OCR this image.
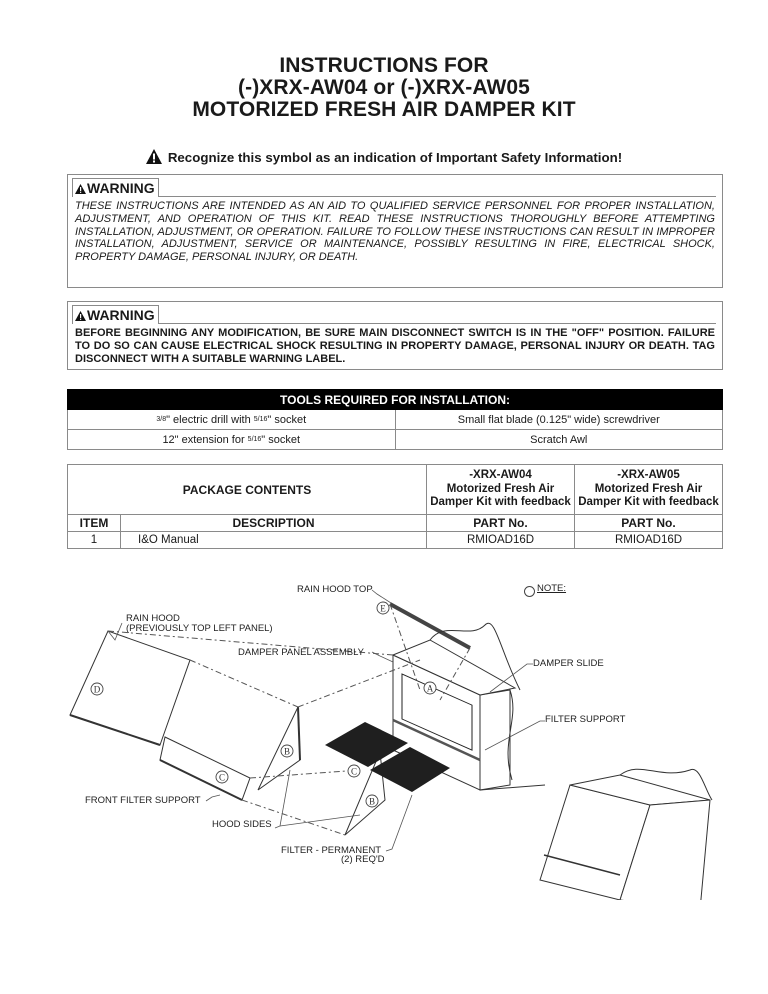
INSTRUCTIONS FOR
(-)XRX-AW04 or (-)XRX-AW05
MOTORIZED FRESH AIR DAMPER KIT
Recognize this symbol as an indication of Important Safety Information!
WARNING
THESE INSTRUCTIONS ARE INTENDED AS AN AID TO QUALIFIED SERVICE PERSONNEL FOR PROPER INSTALLATION, ADJUSTMENT, AND OPERATION OF THIS KIT. READ THESE INSTRUCTIONS THOROUGHLY BEFORE ATTEMPTING INSTALLATION, ADJUSTMENT, OR OPERATION. FAILURE TO FOLLOW THESE INSTRUCTIONS CAN RESULT IN IMPROPER INSTALLATION, ADJUSTMENT, SERVICE OR MAINTENANCE, POSSIBLY RESULTING IN FIRE, ELECTRICAL SHOCK, PROPERTY DAMAGE, PERSONAL INJURY, OR DEATH.
WARNING
BEFORE BEGINNING ANY MODIFICATION, BE SURE MAIN DISCONNECT SWITCH IS IN THE "OFF" POSITION. FAILURE TO DO SO CAN CAUSE ELECTRICAL SHOCK RESULTING IN PROPERTY DAMAGE, PERSONAL INJURY OR DEATH. TAG DISCONNECT WITH A SUITABLE WARNING LABEL.
TOOLS REQUIRED FOR INSTALLATION:	
3/8" electric drill with 5/16" socket	Small flat blade (0.125" wide) screwdriver
12" extension for 5/16" socket	Scratch Awl
PACKAGE CONTENTS	
-XRX-AW04
Motorized Fresh Air
Damper Kit with feedback

-XRX-AW05
Motorized Fresh Air
Damper Kit with feedback

ITEM	DESCRIPTION	PART No.	PART No.
1	I&O Manual	RMIOAD16D	RMIOAD16D
NOTE:
D
C
B
C
B
A
E
RAIN HOOD TOP
RAIN HOOD
(PREVIOUSLY TOP LEFT PANEL)
DAMPER PANEL ASSEMBLY
DAMPER SLIDE
FILTER SUPPORT
FRONT FILTER SUPPORT
HOOD SIDES
FILTER - PERMANENT
(2) REQ'D
